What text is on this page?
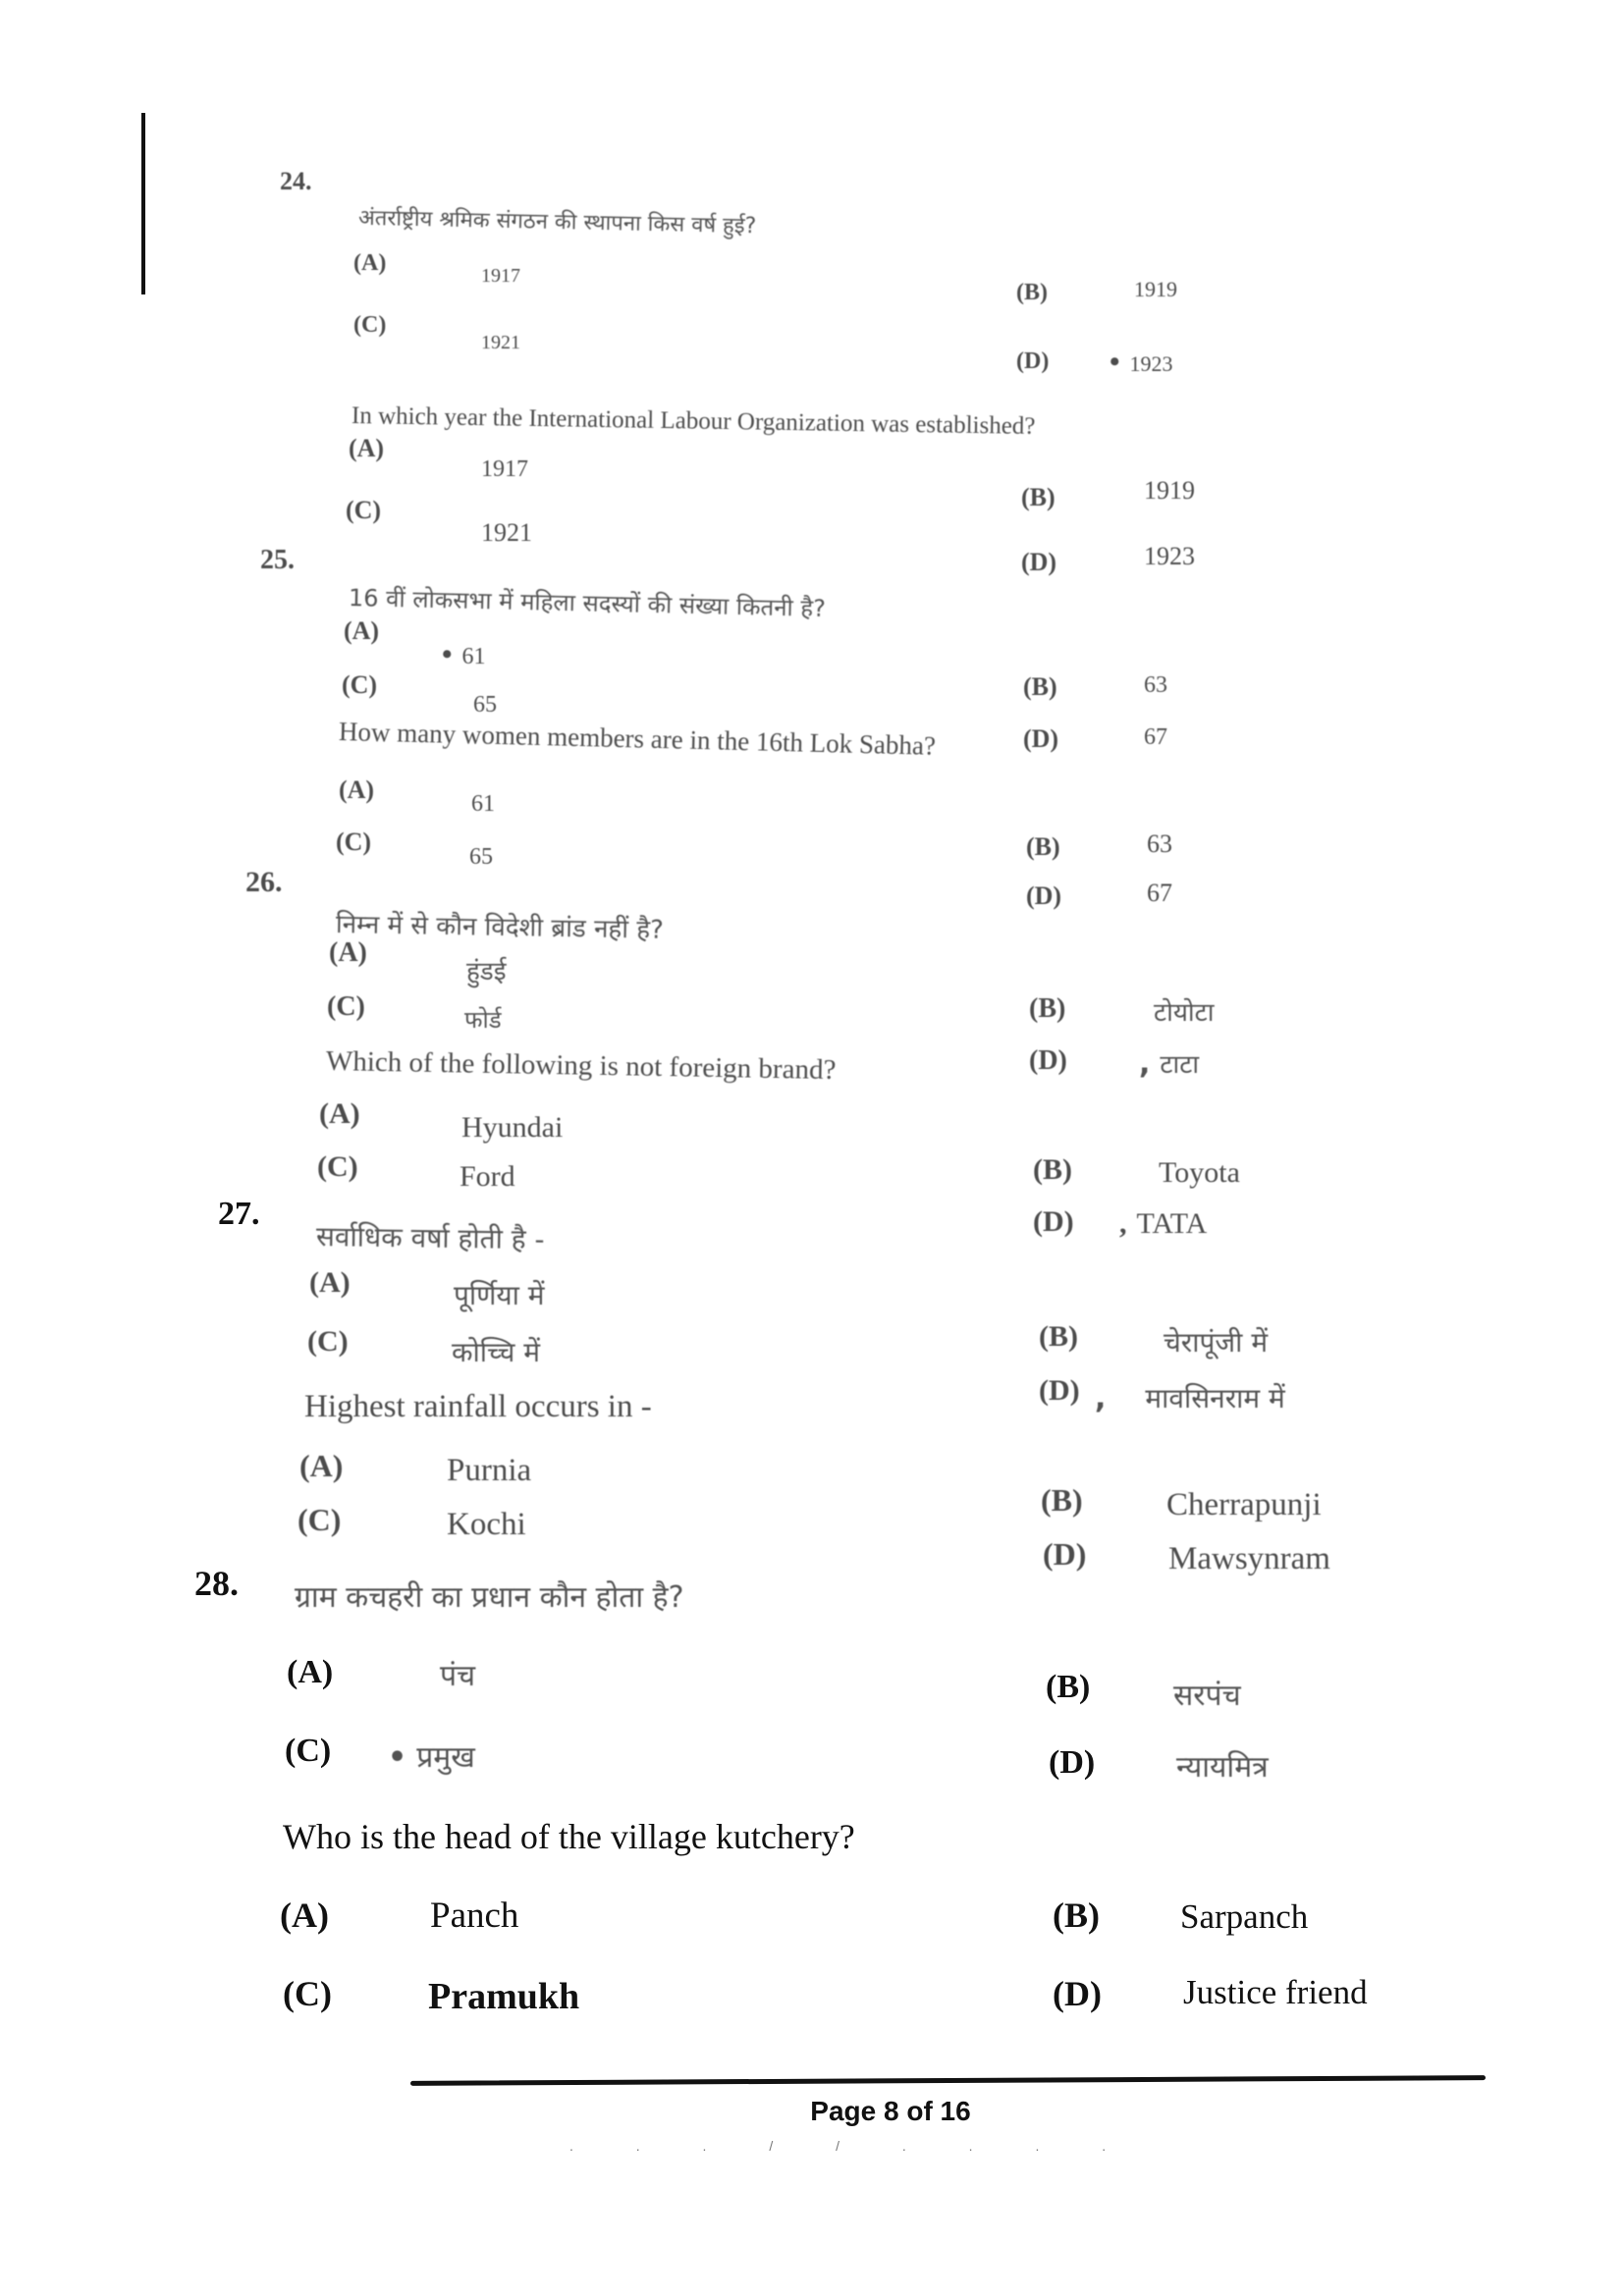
24.
अंतर्राष्ट्रीय श्रमिक संगठन की स्थापना किस वर्ष हुई?
(A)	1917
(B)	1919
(C)
1921
(D) • 1923
In which year the International Labour Organization was established?
(A)
1917
(B)	1919
(C)
1921
(D)	1923
25.
16 वीं लोकसभा में महिला सदस्यों की संख्या कितनी है?
(A)
• 61
(C)
65
(B)	63
How many women members are in the 16th Lok Sabha?	(D)	67
(A)	61
(C)
65	(B)	63
(D)	67
26.
निम्न में से कौन विदेशी ब्रांड नहीं है?
(A)
हुंडई
(C)	फोर्ड	(B)	टोयोटा
(D) , टाटा
Which of the following is not foreign brand?
(A)	Hyundai
(C)	Ford	(B)	Toyota
(D) , TATA
27.
सर्वाधिक वर्षा होती है -
(A)	पूर्णिया में
(C)	कोच्चि में	(B)	चेरापूंजी में
(D) , मावसिनराम में
Highest rainfall occurs in -
(A)	Purnia
(C)	Kochi
(B)	Cherrapunji
(D)	Mawsynram
28. ग्राम कचहरी का प्रधान कौन होता है?
(A)	पंच	(B)	सरपंच
(C) • प्रमुख	(D)	न्यायमित्र
Who is the head of the village kutchery?
(A)	Panch	(B) Sarpanch
(C)	Pramukh	(D) Justice friend
Page 8 of 16
. . . / / . . . .
